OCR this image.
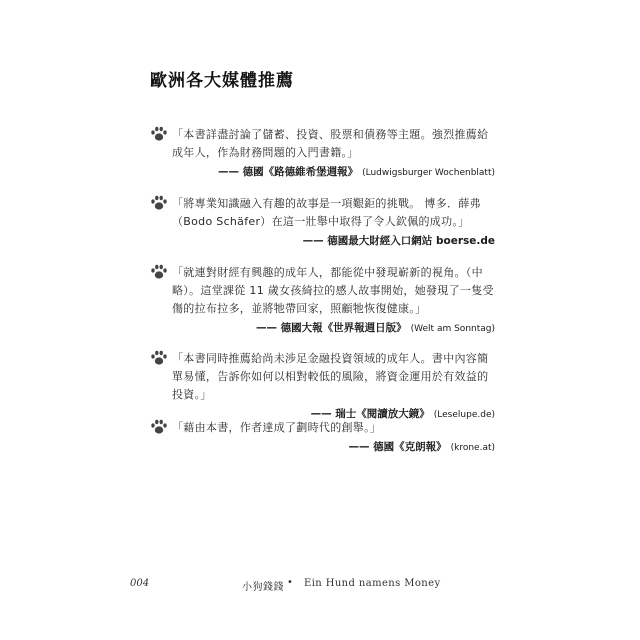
歐洲各大媒體推薦

「本書詳盡討論了儲蓄、投資、股票和債務等主題。強烈推薦給成年人，作為財務問題的入門書籍。」

—— 德國《路德維希堡週報》 (Ludwigsburger Wochenblatt)

「將專業知識融入有趣的故事是一項艱鉅的挑戰。 博多．薛弗（Bodo Schäfer）在這一壯舉中取得了令人欽佩的成功。」

—— 德國最大財經入口網站 boerse.de

「就連對財經有興趣的成年人，都能從中發現嶄新的視角。（中略）。這堂課從 11 歲女孩綺拉的感人故事開始，她發現了一隻受傷的拉布拉多，並將牠帶回家，照顧牠恢復健康。」

—— 德國大報《世界報週日版》 (Welt am Sonntag)

「本書同時推薦給尚未涉足金融投資領域的成年人。書中內容簡單易懂，告訴你如何以相對較低的風險，將資金運用於有效益的投資。」

—— 瑞士《閱讀放大鏡》 (Leselupe.de)

「藉由本書，作者達成了劃時代的創舉。」

—— 德國《克朗報》 (krone.at)
004	小狗錢錢 • Ein Hund namens Money
